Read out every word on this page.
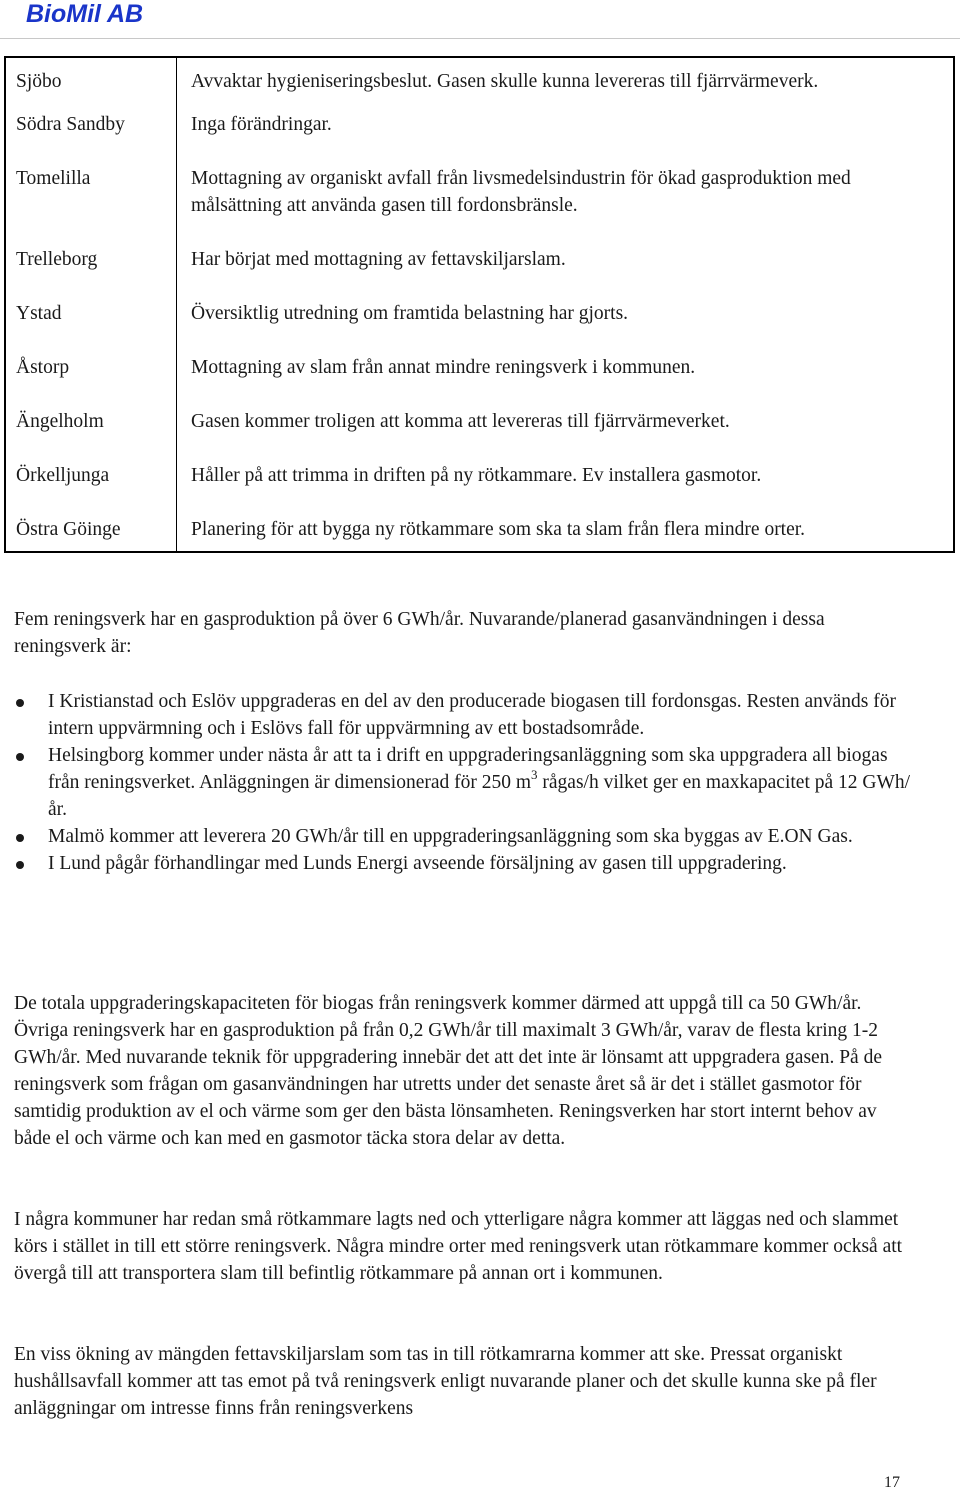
BioMil AB
Sjöbo	Avvaktar hygieniseringsbeslut. Gasen skulle kunna levereras till fjärrvärmeverk.
Södra Sandby	Inga förändringar.
Tomelilla	Mottagning av organiskt avfall från livsmedelsindustrin för ökad gasproduktion med målsättning att använda gasen till fordonsbränsle.
Trelleborg	Har börjat med mottagning av fettavskiljarslam.
Ystad	Översiktlig utredning om framtida belastning har gjorts.
Åstorp	Mottagning av slam från annat mindre reningsverk i kommunen.
Ängelholm	Gasen kommer troligen att komma att levereras till fjärrvärmeverket.
Örkelljunga	Håller på att trimma in driften på ny rötkammare. Ev installera gasmotor.
Östra Göinge	Planering för att bygga ny rötkammare som ska ta slam från flera mindre orter.

Fem reningsverk har en gasproduktion på över 6 GWh/år. Nuvarande/planerad gasanvändningen i dessa reningsverk är:

I Kristianstad och Eslöv uppgraderas en del av den producerade biogasen till fordonsgas. Resten används för intern uppvärmning och i Eslövs fall för uppvärmning av ett bostadsområde.
Helsingborg kommer under nästa år att ta i drift en uppgraderingsanläggning som ska uppgradera all biogas från reningsverket. Anläggningen är dimensionerad för 250 $m^3$ rågas/h vilket ger en maxkapacitet på 12 GWh/år.
Malmö kommer att leverera 20 GWh/år till en uppgraderingsanläggning som ska byggas av E.ON Gas.
I Lund pågår förhandlingar med Lunds Energi avseende försäljning av gasen till uppgradering.

De totala uppgraderingskapaciteten för biogas från reningsverk kommer därmed att uppgå till ca 50 GWh/år. Övriga reningsverk har en gasproduktion på från 0,2 GWh/år till maximalt 3 GWh/år, varav de flesta kring 1-2 GWh/år. Med nuvarande teknik för uppgradering innebär det att det inte är lönsamt att uppgradera gasen. På de reningsverk som frågan om gasanvändningen har utretts under det senaste året så är det i stället gasmotor för samtidig produktion av el och värme som ger den bästa lönsamheten. Reningsverken har stort internt behov av både el och värme och kan med en gasmotor täcka stora delar av detta.

I några kommuner har redan små rötkammare lagts ned och ytterligare några kommer att läggas ned och slammet körs i stället in till ett större reningsverk. Några mindre orter med reningsverk utan rötkammare kommer också att övergå till att transportera slam till befintlig rötkammare på annan ort i kommunen.

En viss ökning av mängden fettavskiljarslam som tas in till rötkamrarna kommer att ske. Pressat organiskt hushållsavfall kommer att tas emot på två reningsverk enligt nuvarande planer och det skulle kunna ske på fler anläggningar om intresse finns från reningsverkens

17
